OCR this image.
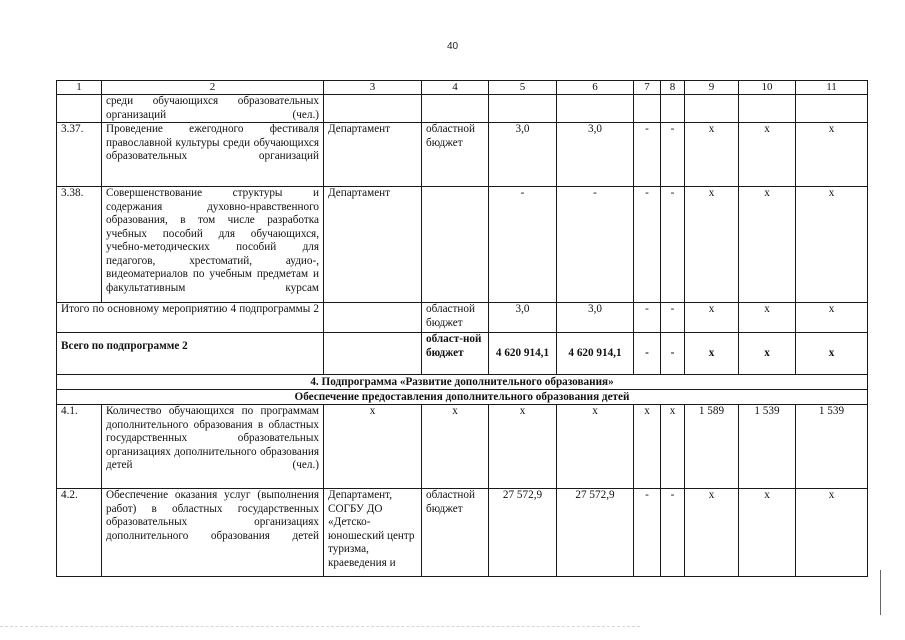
40
1	2	3	4	5	6	7	8	9	10	11
	среди обучающихся образовательных организаций (чел.)									
3.37.	Проведение ежегодного фестиваля православной культуры среди обучающихся образовательных организаций	Департамент	областной бюджет	3,0	3,0	-	-	х	х	х
3.38.	Совершенствование структуры и содержания духовно-нравственного образования, в том числе разработка учебных пособий для обучающихся, учебно-методических пособий для педагогов, хрестоматий, аудио-, видеоматериалов по учебным предметам и факультативным курсам	Департамент		-	-	-	-	х	х	х
Итого по основному мероприятию 4 подпрограммы 2			областной бюджет	3,0	3,0	-	-	х	х	х
Всего по подпрограмме 2			област-ной бюджет	4 620 914,1	4 620 914,1	-	-	х	х	х
4. Подпрограмма «Развитие дополнительного образования»										
Обеспечение предоставления дополнительного образования детей										
4.1.	Количество обучающихся по программам дополнительного образования в областных государственных образовательных организациях дополнительного образования детей (чел.)	х	х	х	х	х	х	1 589	1 539	1 539
4.2.	Обеспечение оказания услуг (выполнения работ) в областных государственных образовательных организациях дополнительного образования детей	Департамент, СОГБУ ДО «Детско-юношеский центр туризма, краеведения и	областной бюджет	27 572,9	27 572,9	-	-	х	х	х
